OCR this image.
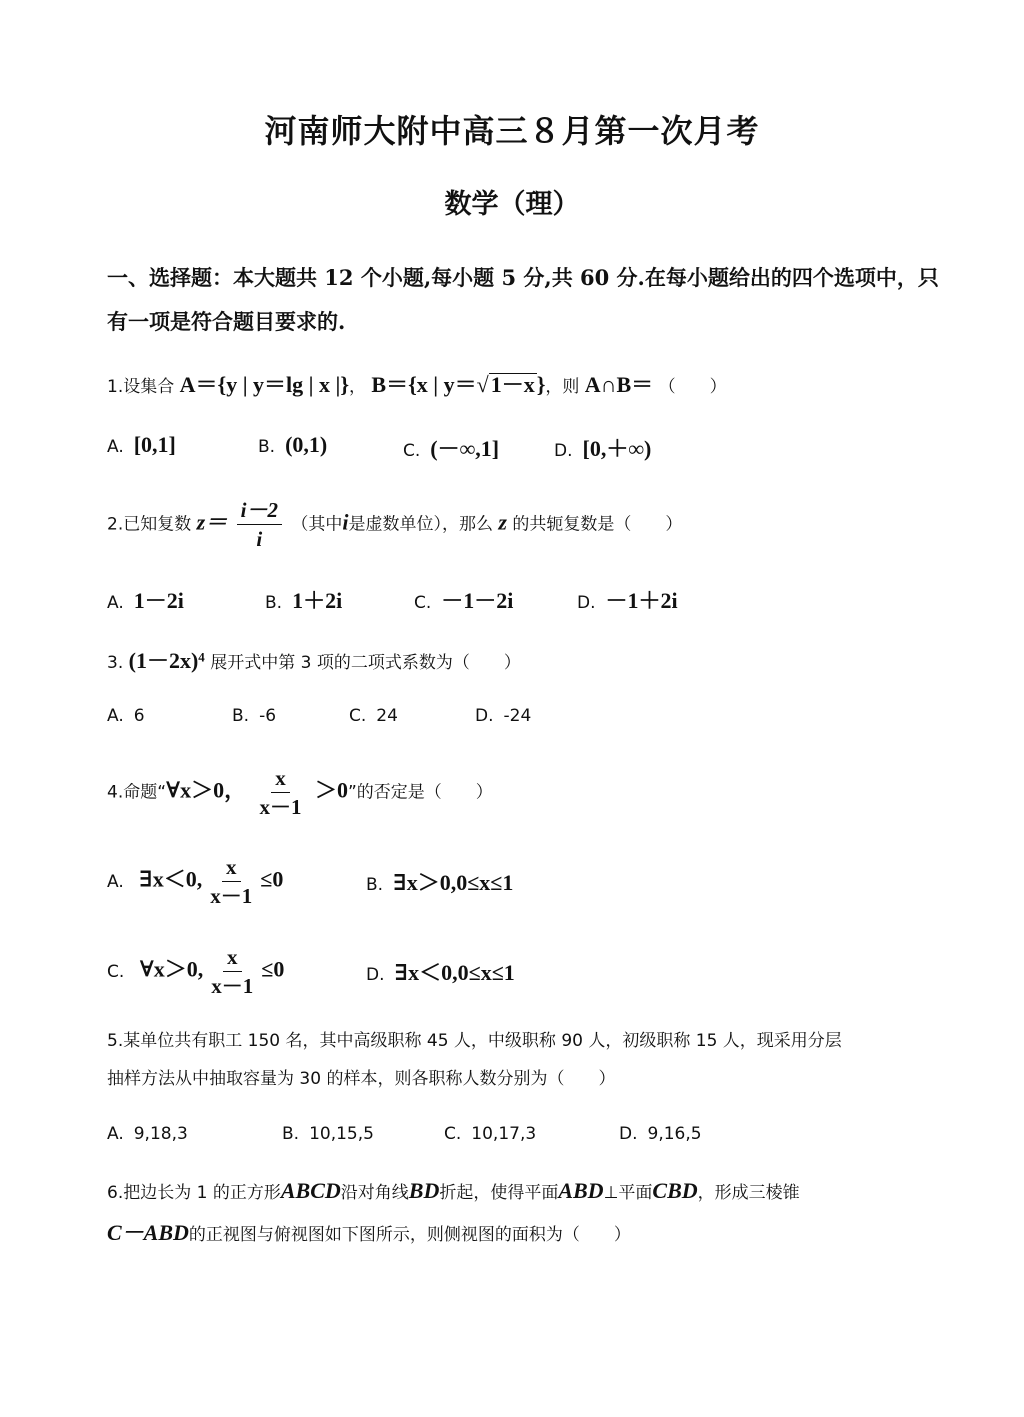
河南师大附中高三８月第一次月考
数学（理）
一、选择题：本大题共 12 个小题,每小题 5 分,共 60 分.在每小题给出的四个选项中，只有一项是符合题目要求的.
1.设集合 A＝{y | y＝lg | x |}， B＝{x | y＝√1－x}，则 A∩B＝ （　　）
A. [0,1]	B. (0,1)	C. (－∞,1]	D. [0,＋∞)
2.已知复数 $z= \frac{i-2}{i}$ （其中i是虚数单位），那么 z 的共轭复数是（　　）
A. 1－2i	B. 1＋2i	C. －1－2i	D. －1＋2i
3. $(1-2x)^4$ 展开式中第 3 项的二项式系数为（　　）
A. 6	B. -6	C. 24	D. -24
4.命题“∀x＞0， $\frac{x}{x-1} >0$”的否定是（　　）
A. ∃x＜0, $\frac{x}{x-1} \le 0$	B. ∃x＞0,0≤x≤1
C. ∀x＞0, $\frac{x}{x-1} \le 0$	D. ∃x＜0,0≤x≤1
5.某单位共有职工 150 名，其中高级职称 45 人，中级职称 90 人，初级职称 15 人，现采用分层
抽样方法从中抽取容量为 30 的样本，则各职称人数分别为（　　）
A. 9,18,3	B. 10,15,5	C. 10,17,3	D. 9,16,5
6.把边长为 1 的正方形ABCD沿对角线BD折起，使得平面ABD⊥平面CBD，形成三棱锥
C－ABD的正视图与俯视图如下图所示，则侧视图的面积为（　　）
